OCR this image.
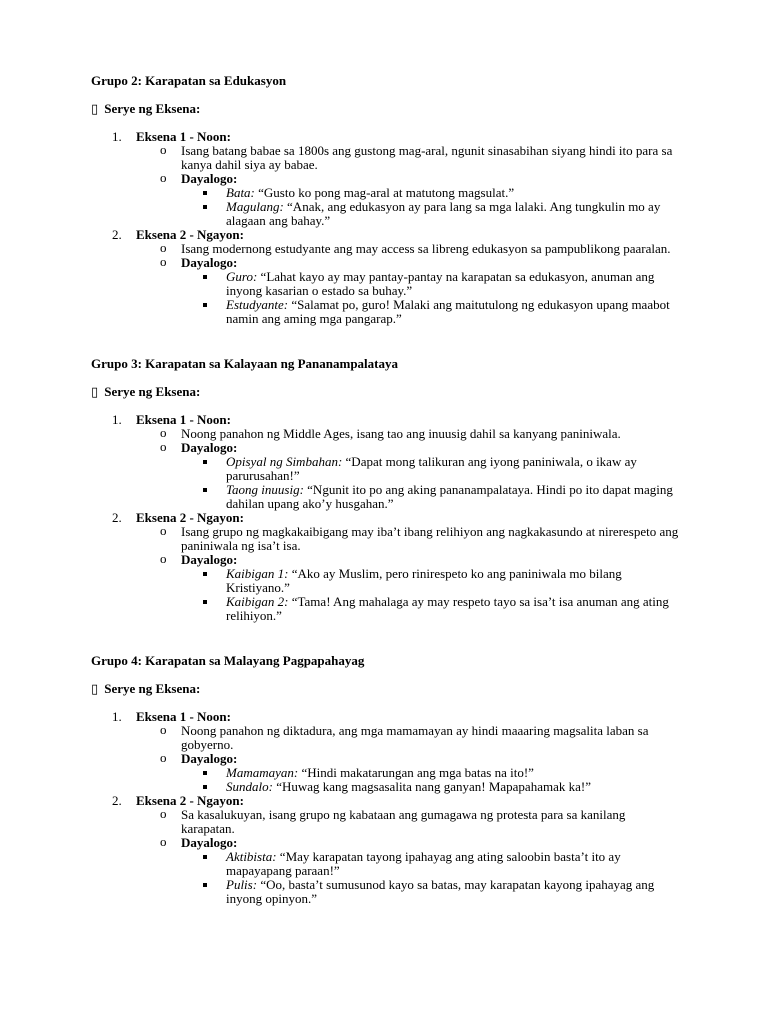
Grupo 2: Karapatan sa Edukasyon
▯ Serye ng Eksena:
1. Eksena 1 - Noon:
o Isang batang babae sa 1800s ang gustong mag-aral, ngunit sinasabihan siyang hindi ito para sa kanya dahil siya ay babae.
o Dayalogo:
Bata: “Gusto ko pong mag-aral at matutong magsulat.”
Magulang: “Anak, ang edukasyon ay para lang sa mga lalaki. Ang tungkulin mo ay alagaan ang bahay.”
2. Eksena 2 - Ngayon:
o Isang modernong estudyante ang may access sa libreng edukasyon sa pampublikong paaralan.
o Dayalogo:
Guro: “Lahat kayo ay may pantay-pantay na karapatan sa edukasyon, anuman ang inyong kasarian o estado sa buhay.”
Estudyante: “Salamat po, guro! Malaki ang maitutulong ng edukasyon upang maabot namin ang aming mga pangarap.”
Grupo 3: Karapatan sa Kalayaan ng Pananampalataya
▯ Serye ng Eksena:
1. Eksena 1 - Noon:
o Noong panahon ng Middle Ages, isang tao ang inuusig dahil sa kanyang paniniwala.
o Dayalogo:
Opisyal ng Simbahan: “Dapat mong talikuran ang iyong paniniwala, o ikaw ay parurusahan!”
Taong inuusig: “Ngunit ito po ang aking pananampalataya. Hindi po ito dapat maging dahilan upang ako’y husgahan.”
2. Eksena 2 - Ngayon:
o Isang grupo ng magkakaibigang may iba’t ibang relihiyon ang nagkakasundo at nirerespeto ang paniniwala ng isa’t isa.
o Dayalogo:
Kaibigan 1: “Ako ay Muslim, pero rinirespeto ko ang paniniwala mo bilang Kristiyano.”
Kaibigan 2: “Tama! Ang mahalaga ay may respeto tayo sa isa’t isa anuman ang ating relihiyon.”
Grupo 4: Karapatan sa Malayang Pagpapahayag
▯ Serye ng Eksena:
1. Eksena 1 - Noon:
o Noong panahon ng diktadura, ang mga mamamayan ay hindi maaaring magsalita laban sa gobyerno.
o Dayalogo:
Mamamayan: “Hindi makatarungan ang mga batas na ito!”
Sundalo: “Huwag kang magsasalita nang ganyan! Mapapahamak ka!”
2. Eksena 2 - Ngayon:
o Sa kasalukuyan, isang grupo ng kabataan ang gumagawa ng protesta para sa kanilang karapatan.
o Dayalogo:
Aktibista: “May karapatan tayong ipahayag ang ating saloobin basta’t ito ay mapayapang paraan!”
Pulis: “Oo, basta’t sumusunod kayo sa batas, may karapatan kayong ipahayag ang inyong opinyon.”
